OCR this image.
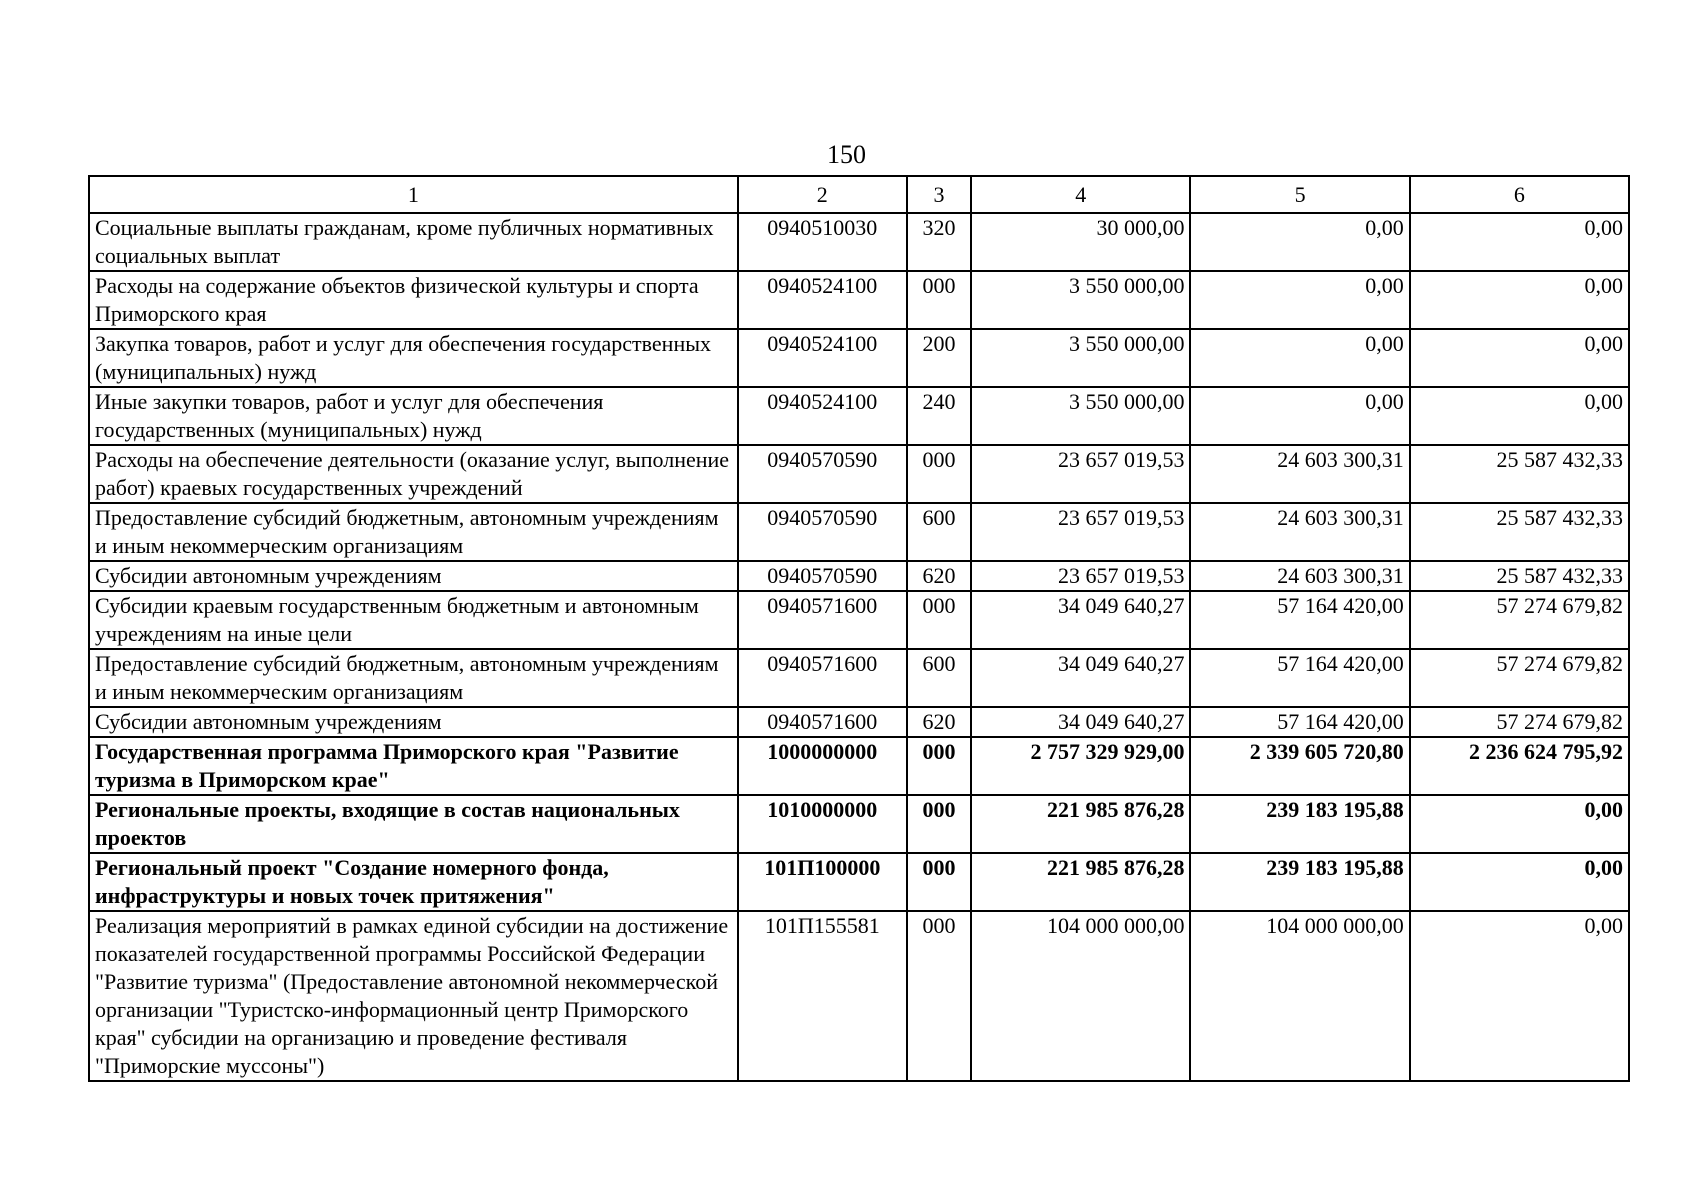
150
1	2	3	4	5	6
Социальные выплаты гражданам, кроме публичных нормативных социальных выплат	0940510030	320	30 000,00	0,00	0,00
Расходы на содержание объектов физической культуры и спорта Приморского края	0940524100	000	3 550 000,00	0,00	0,00
Закупка товаров, работ и услуг для обеспечения государственных (муниципальных) нужд	0940524100	200	3 550 000,00	0,00	0,00
Иные закупки товаров, работ и услуг для обеспечения государственных (муниципальных) нужд	0940524100	240	3 550 000,00	0,00	0,00
Расходы на обеспечение деятельности (оказание услуг, выполнение работ) краевых государственных учреждений	0940570590	000	23 657 019,53	24 603 300,31	25 587 432,33
Предоставление субсидий бюджетным, автономным учреждениям и иным некоммерческим организациям	0940570590	600	23 657 019,53	24 603 300,31	25 587 432,33
Субсидии автономным учреждениям	0940570590	620	23 657 019,53	24 603 300,31	25 587 432,33
Субсидии краевым государственным бюджетным и автономным учреждениям на иные цели	0940571600	000	34 049 640,27	57 164 420,00	57 274 679,82
Предоставление субсидий бюджетным, автономным учреждениям и иным некоммерческим организациям	0940571600	600	34 049 640,27	57 164 420,00	57 274 679,82
Субсидии автономным учреждениям	0940571600	620	34 049 640,27	57 164 420,00	57 274 679,82
Государственная программа Приморского края "Развитие туризма в Приморском крае"	1000000000	000	2 757 329 929,00	2 339 605 720,80	2 236 624 795,92
Региональные проекты, входящие в состав национальных проектов	1010000000	000	221 985 876,28	239 183 195,88	0,00
Региональный проект "Создание номерного фонда, инфраструктуры и новых точек притяжения"	101П100000	000	221 985 876,28	239 183 195,88	0,00
Реализация мероприятий в рамках единой субсидии на достижение показателей государственной программы Российской Федерации "Развитие туризма" (Предоставление автономной некоммерческой организации "Туристско-информационный центр Приморского края" субсидии на организацию и проведение фестиваля "Приморские муссоны")	101П155581	000	104 000 000,00	104 000 000,00	0,00
